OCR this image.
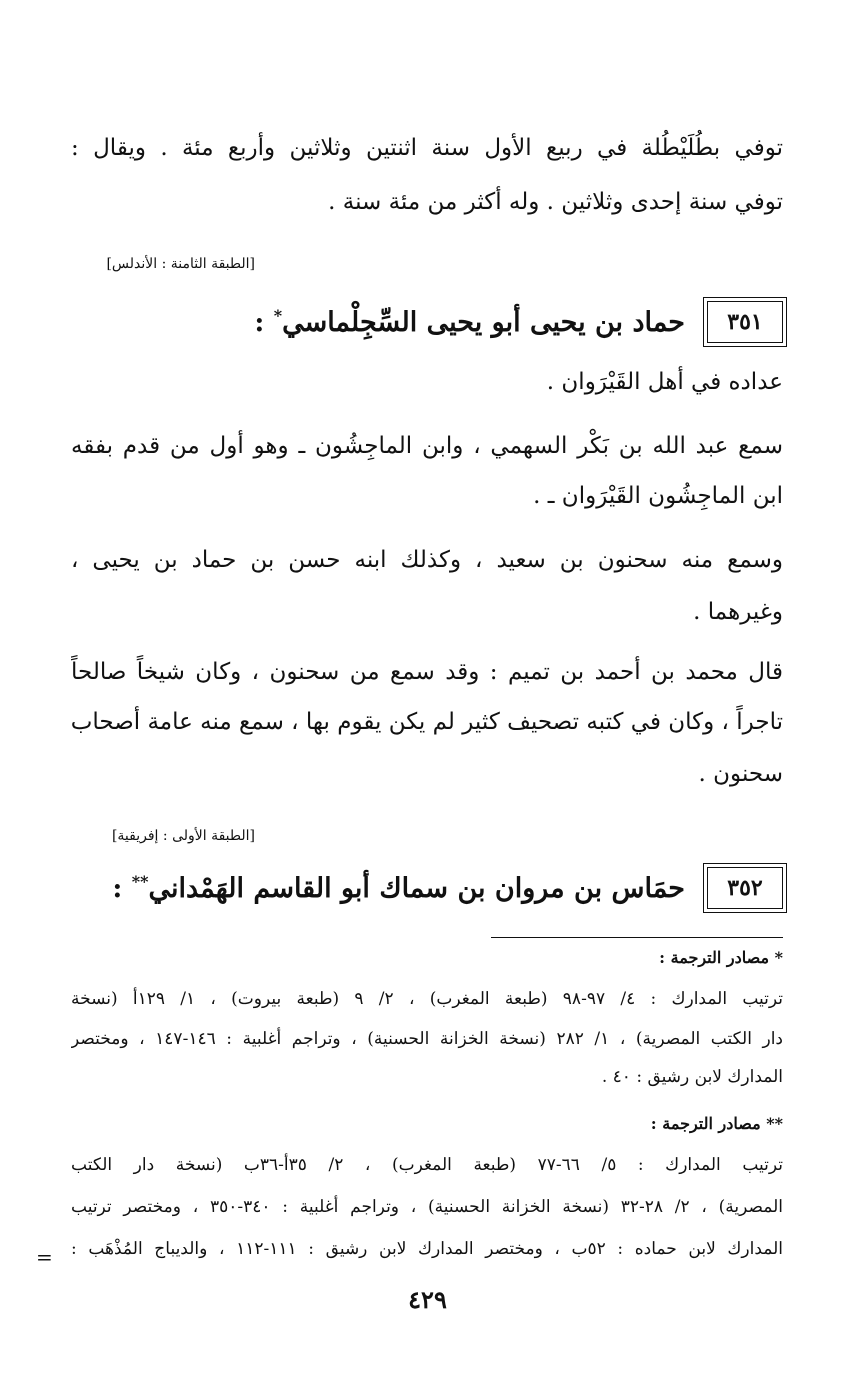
توفي بطُلَيْطُلة في ربيع الأول سنة اثنتين وثلاثين وأربع مئة . ويقال :
توفي سنة إحدى وثلاثين . وله أكثر من مئة سنة .
[الطبقة الثامنة : الأندلس]
٣٥١
حماد بن يحيى أبو يحيى السِّجِلْماسي* :
عداده في أهل القَيْرَوان .
سمع عبد الله بن بَكْر السهمي ، وابن الماجِشُون ـ وهو أول من قدم بفقه
ابن الماجِشُون القَيْرَوان ـ .
وسمع منه سحنون بن سعيد ، وكذلك ابنه حسن بن حماد بن يحيى ،
وغيرهما .
قال محمد بن أحمد بن تميم : وقد سمع من سحنون ، وكان شيخاً صالحاً
تاجراً ، وكان في كتبه تصحيف كثير لم يكن يقوم بها ، سمع منه عامة أصحاب
سحنون .
[الطبقة الأولى : إفريقية]
٣٥٢
حمَاس بن مروان بن سماك أبو القاسم الهَمْداني** :
* مصادر الترجمة :
ترتيب المدارك : ٤/ ٩٧-٩٨ (طبعة المغرب) ، ٢/ ٩ (طبعة بيروت) ، ١/ ١٢٩أ (نسخة
دار الكتب المصرية) ، ١/ ٢٨٢ (نسخة الخزانة الحسنية) ، وتراجم أغلبية : ١٤٦-١٤٧ ، ومختصر
المدارك لابن رشيق : ٤٠ .
** مصادر الترجمة :
ترتيب المدارك : ٥/ ٦٦-٧٧ (طبعة المغرب) ، ٢/ ٣٥أ-٣٦ب (نسخة دار الكتب
المصرية) ، ٢/ ٢٨-٣٢ (نسخة الخزانة الحسنية) ، وتراجم أغلبية : ٣٤٠-٣٥٠ ، ومختصر ترتيب
المدارك لابن حماده : ٥٢ب ، ومختصر المدارك لابن رشيق : ١١١-١١٢ ، والديباج المُذْهَب :
=
٤٢٩
